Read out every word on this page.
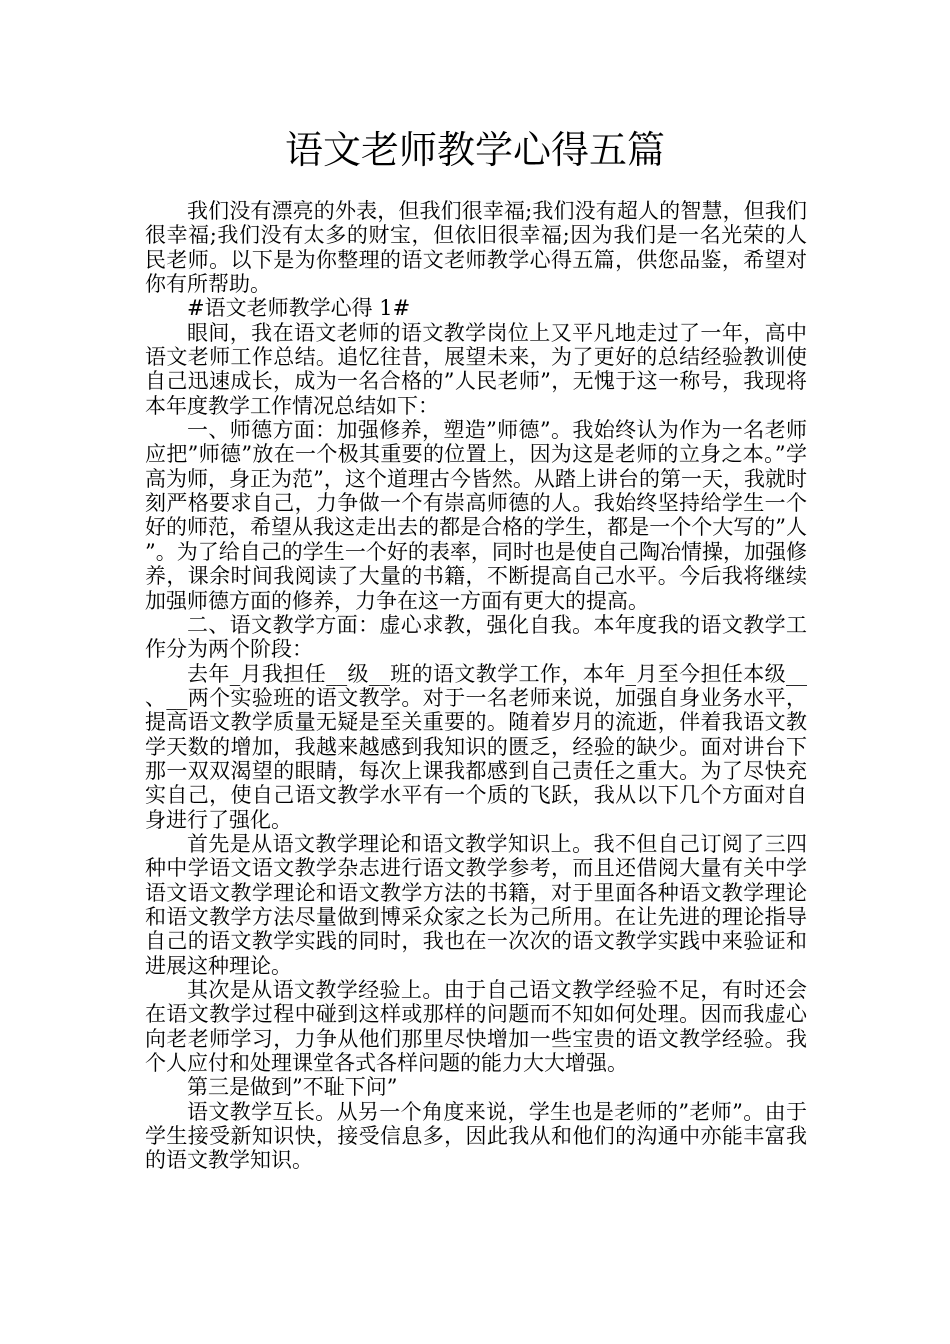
语文老师教学心得五篇

我们没有漂亮的外表，但我们很幸福;我们没有超人的智慧，但我们很幸福;我们没有太多的财宝，但依旧很幸福;因为我们是一名光荣的人民老师。以下是为你整理的语文老师教学心得五篇，供您品鉴，希望对你有所帮助。

#语文老师教学心得 1#

眼间，我在语文老师的语文教学岗位上又平凡地走过了一年，高中语文老师工作总结。追忆往昔，展望未来，为了更好的总结经验教训使自己迅速成长，成为一名合格的”人民老师”，无愧于这一称号，我现将本年度教学工作情况总结如下：

一、师德方面：加强修养，塑造”师德”。我始终认为作为一名老师应把”师德”放在一个极其重要的位置上，因为这是老师的立身之本。”学高为师，身正为范”，这个道理古今皆然。从踏上讲台的第一天，我就时刻严格要求自己，力争做一个有崇高师德的人。我始终坚持给学生一个好的师范，希望从我这走出去的都是合格的学生，都是一个个大写的”人”。为了给自己的学生一个好的表率，同时也是使自己陶冶情操，加强修养，课余时间我阅读了大量的书籍，不断提高自己水平。今后我将继续加强师德方面的修养，力争在这一方面有更大的提高。

二、语文教学方面：虚心求教，强化自我。本年度我的语文教学工作分为两个阶段：

去年_月我担任__级__班的语文教学工作，本年_月至今担任本级__、__两个实验班的语文教学。对于一名老师来说，加强自身业务水平，提高语文教学质量无疑是至关重要的。随着岁月的流逝，伴着我语文教学天数的增加，我越来越感到我知识的匮乏，经验的缺少。面对讲台下那一双双渴望的眼睛，每次上课我都感到自己责任之重大。为了尽快充实自己，使自己语文教学水平有一个质的飞跃，我从以下几个方面对自身进行了强化。

首先是从语文教学理论和语文教学知识上。我不但自己订阅了三四种中学语文语文教学杂志进行语文教学参考，而且还借阅大量有关中学语文语文教学理论和语文教学方法的书籍，对于里面各种语文教学理论和语文教学方法尽量做到博采众家之长为己所用。在让先进的理论指导自己的语文教学实践的同时，我也在一次次的语文教学实践中来验证和进展这种理论。

其次是从语文教学经验上。由于自己语文教学经验不足，有时还会在语文教学过程中碰到这样或那样的问题而不知如何处理。因而我虚心向老老师学习，力争从他们那里尽快增加一些宝贵的语文教学经验。我个人应付和处理课堂各式各样问题的能力大大增强。

第三是做到”不耻下问”

语文教学互长。从另一个角度来说，学生也是老师的”老师”。由于学生接受新知识快，接受信息多，因此我从和他们的沟通中亦能丰富我的语文教学知识。
